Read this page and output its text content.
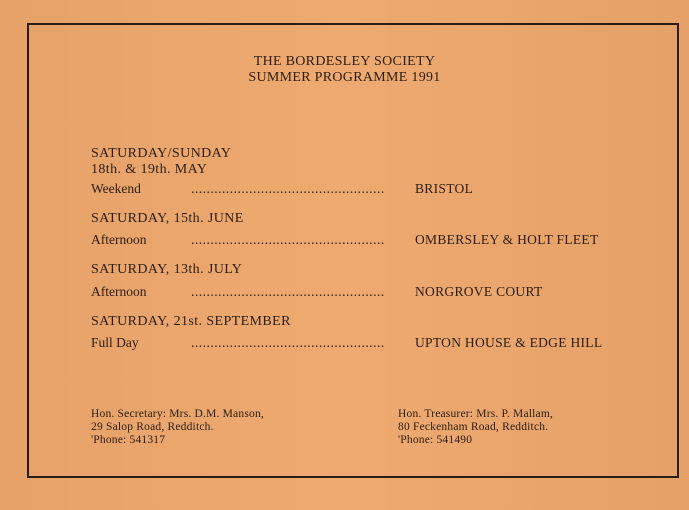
THE BORDESLEY SOCIETY
SUMMER PROGRAMME 1991
SATURDAY/SUNDAY
18th. & 19th. MAY
Weekend	.................................................. BRISTOL
SATURDAY, 15th. JUNE
Afternoon	.................................................. OMBERSLEY & HOLT FLEET
SATURDAY, 13th. JULY
Afternoon	.................................................. NORGROVE COURT
SATURDAY, 21st. SEPTEMBER
Full Day	.................................................. UPTON HOUSE & EDGE HILL
Hon. Secretary: Mrs. D.M. Manson,
29 Salop Road, Redditch.
'Phone: 541317
Hon. Treasurer: Mrs. P. Mallam,
80 Feckenham Road, Redditch.
'Phone: 541490
